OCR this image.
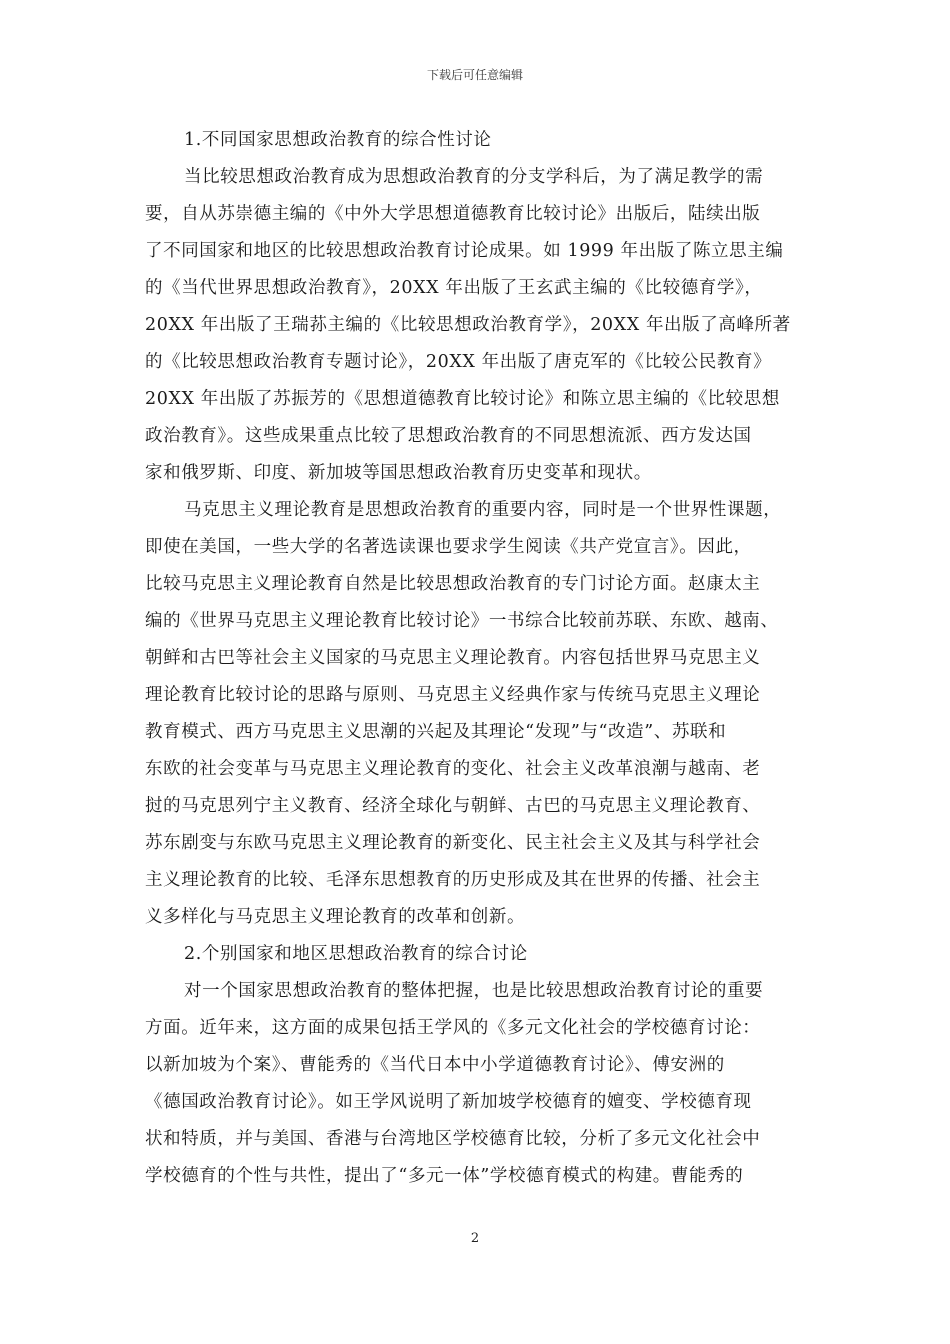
下载后可任意编辑
1.不同国家思想政治教育的综合性讨论
当比较思想政治教育成为思想政治教育的分支学科后，为了满足教学的需
要，自从苏崇德主编的《中外大学思想道德教育比较讨论》出版后，陆续出版
了不同国家和地区的比较思想政治教育讨论成果。如 1999 年出版了陈立思主编
的《当代世界思想政治教育》，20XX 年出版了王玄武主编的《比较德育学》，
20XX 年出版了王瑞荪主编的《比较思想政治教育学》，20XX 年出版了高峰所著
的《比较思想政治教育专题讨论》，20XX 年出版了唐克军的《比较公民教育》
20XX 年出版了苏振芳的《思想道德教育比较讨论》和陈立思主编的《比较思想
政治教育》。这些成果重点比较了思想政治教育的不同思想流派、西方发达国
家和俄罗斯、印度、新加坡等国思想政治教育历史变革和现状。
马克思主义理论教育是思想政治教育的重要内容，同时是一个世界性课题，
即使在美国，一些大学的名著选读课也要求学生阅读《共产党宣言》。因此，
比较马克思主义理论教育自然是比较思想政治教育的专门讨论方面。赵康太主
编的《世界马克思主义理论教育比较讨论》一书综合比较前苏联、东欧、越南、
朝鲜和古巴等社会主义国家的马克思主义理论教育。内容包括世界马克思主义
理论教育比较讨论的思路与原则、马克思主义经典作家与传统马克思主义理论
教育模式、西方马克思主义思潮的兴起及其理论“发现”与“改造”、苏联和
东欧的社会变革与马克思主义理论教育的变化、社会主义改革浪潮与越南、老
挝的马克思列宁主义教育、经济全球化与朝鲜、古巴的马克思主义理论教育、
苏东剧变与东欧马克思主义理论教育的新变化、民主社会主义及其与科学社会
主义理论教育的比较、毛泽东思想教育的历史形成及其在世界的传播、社会主
义多样化与马克思主义理论教育的改革和创新。
2.个别国家和地区思想政治教育的综合讨论
对一个国家思想政治教育的整体把握，也是比较思想政治教育讨论的重要
方面。近年来，这方面的成果包括王学风的《多元文化社会的学校德育讨论：
以新加坡为个案》、曹能秀的《当代日本中小学道德教育讨论》、傅安洲的
《德国政治教育讨论》。如王学风说明了新加坡学校德育的嬗变、学校德育现
状和特质，并与美国、香港与台湾地区学校德育比较，分析了多元文化社会中
学校德育的个性与共性，提出了“多元一体”学校德育模式的构建。曹能秀的
2
